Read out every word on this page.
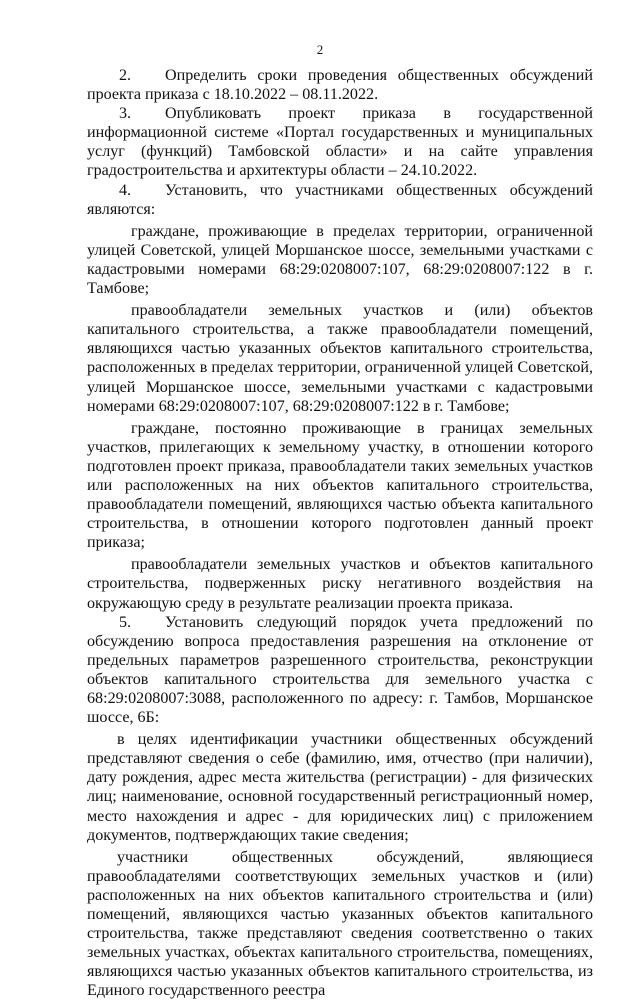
2

2. Определить сроки проведения общественных обсуждений проекта приказа с 18.10.2022 – 08.11.2022.

3. Опубликовать проект приказа в государственной информационной системе «Портал государственных и муниципальных услуг (функций) Тамбовской области» и на сайте управления градостроительства и архитектуры области – 24.10.2022.

4. Установить, что участниками общественных обсуждений являются:

граждане, проживающие в пределах территории, ограниченной улицей Советской, улицей Моршанское шоссе, земельными участками с кадастровыми номерами 68:29:0208007:107, 68:29:0208007:122 в г. Тамбове;

правообладатели земельных участков и (или) объектов капитального строительства, а также правообладатели помещений, являющихся частью указанных объектов капитального строительства, расположенных в пределах территории, ограниченной улицей Советской, улицей Моршанское шоссе, земельными участками с кадастровыми номерами 68:29:0208007:107, 68:29:0208007:122 в г. Тамбове;

граждане, постоянно проживающие в границах земельных участков, прилегающих к земельному участку, в отношении которого подготовлен проект приказа, правообладатели таких земельных участков или расположенных на них объектов капитального строительства, правообладатели помещений, являющихся частью объекта капитального строительства, в отношении которого подготовлен данный проект приказа;

правообладатели земельных участков и объектов капитального строительства, подверженных риску негативного воздействия на окружающую среду в результате реализации проекта приказа.

5. Установить следующий порядок учета предложений по обсуждению вопроса предоставления разрешения на отклонение от предельных параметров разрешенного строительства, реконструкции объектов капитального строительства для земельного участка с 68:29:0208007:3088, расположенного по адресу: г. Тамбов, Моршанское шоссе, 6Б:

в целях идентификации участники общественных обсуждений представляют сведения о себе (фамилию, имя, отчество (при наличии), дату рождения, адрес места жительства (регистрации) - для физических лиц; наименование, основной государственный регистрационный номер, место нахождения и адрес - для юридических лиц) с приложением документов, подтверждающих такие сведения;

участники общественных обсуждений, являющиеся правообладателями соответствующих земельных участков и (или) расположенных на них объектов капитального строительства и (или) помещений, являющихся частью указанных объектов капитального строительства, также представляют сведения соответственно о таких земельных участках, объектах капитального строительства, помещениях, являющихся частью указанных объектов капитального строительства, из Единого государственного реестра
